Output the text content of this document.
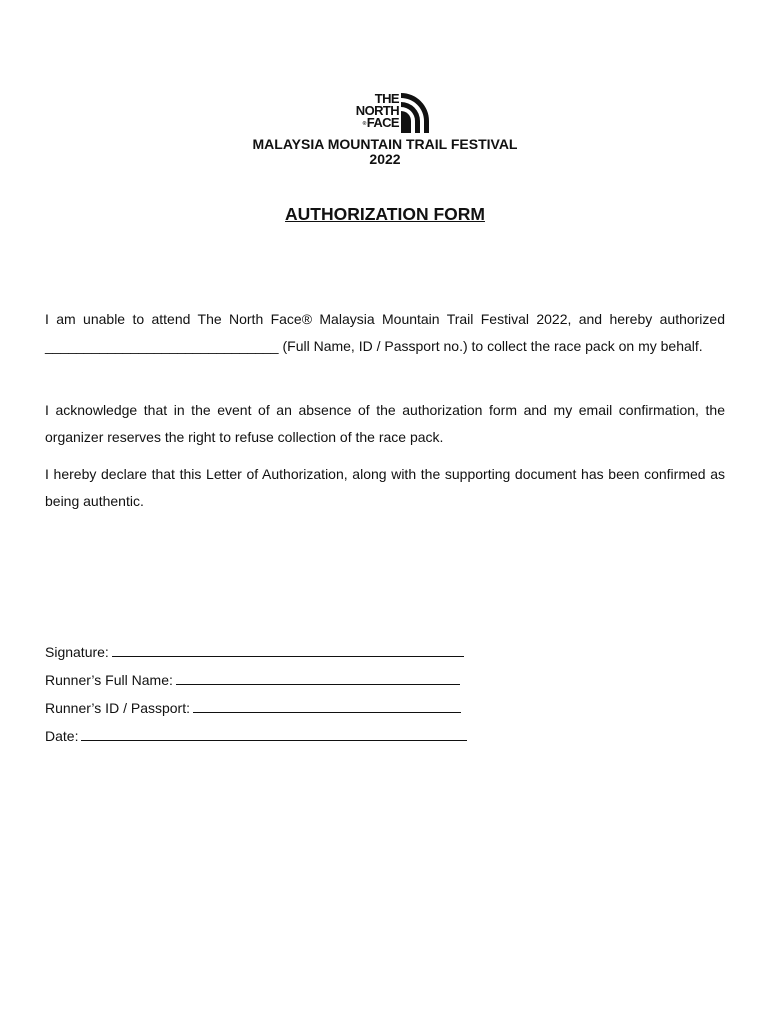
THE
NORTH
®FACE
MALAYSIA MOUNTAIN TRAIL FESTIVAL
2022
AUTHORIZATION FORM

I am unable to attend The North Face® Malaysia Mountain Trail Festival 2022, and hereby authorized ______________________________ (Full Name, ID / Passport no.) to collect the race pack on my behalf.

I acknowledge that in the event of an absence of the authorization form and my email confirmation, the organizer reserves the right to refuse collection of the race pack.

I hereby declare that this Letter of Authorization, along with the supporting document has been confirmed as being authentic.

Signature:
Runner’s Full Name:
Runner’s ID / Passport:
Date:
